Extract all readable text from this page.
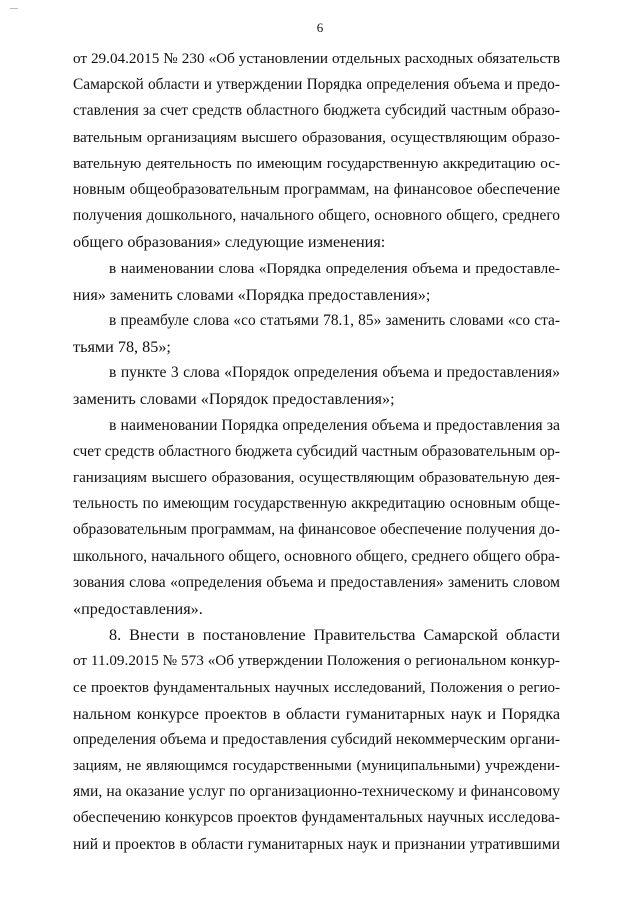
6
от 29.04.2015 № 230 «Об установлении отдельных расходных обязательств
Самарской области и утверждении Порядка определения объема и предо-
ставления за счет средств областного бюджета субсидий частным образо-
вательным организациям высшего образования, осуществляющим образо-
вательную деятельность по имеющим государственную аккредитацию ос-
новным общеобразовательным программам, на финансовое обеспечение
получения дошкольного, начального общего, основного общего, среднего
общего образования» следующие изменения:
в наименовании слова «Порядка определения объема и предоставле-
ния» заменить словами «Порядка предоставления»;
в преамбуле слова «со статьями 78.1, 85» заменить словами «со ста-
тьями 78, 85»;
в пункте 3 слова «Порядок определения объема и предоставления»
заменить словами «Порядок предоставления»;
в наименовании Порядка определения объема и предоставления за
счет средств областного бюджета субсидий частным образовательным ор-
ганизациям высшего образования, осуществляющим образовательную дея-
тельность по имеющим государственную аккредитацию основным обще-
образовательным программам, на финансовое обеспечение получения до-
школьного, начального общего, основного общего, среднего общего обра-
зования слова «определения объема и предоставления» заменить словом
«предоставления».
8. Внести в постановление Правительства Самарской области
от 11.09.2015 № 573 «Об утверждении Положения о региональном конкур-
се проектов фундаментальных научных исследований, Положения о регио-
нальном конкурсе проектов в области гуманитарных наук и Порядка
определения объема и предоставления субсидий некоммерческим органи-
зациям, не являющимся государственными (муниципальными) учреждени-
ями, на оказание услуг по организационно-техническому и финансовому
обеспечению конкурсов проектов фундаментальных научных исследова-
ний и проектов в области гуманитарных наук и признании утратившими
